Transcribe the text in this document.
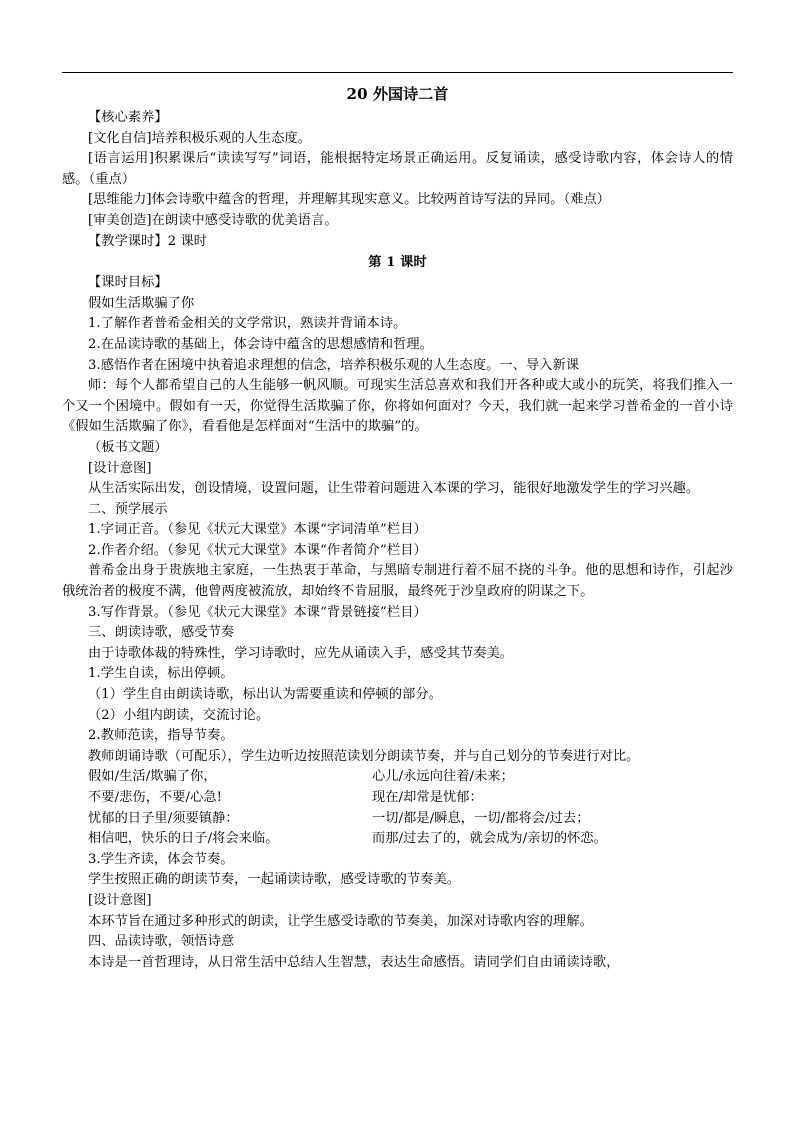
20 外国诗二首
【核心素养】
[文化自信]培养积极乐观的人生态度。
[语言运用]积累课后“读读写写”词语，能根据特定场景正确运用。反复诵读，感受诗歌内容，体会诗人的情感。（重点）
[思维能力]体会诗歌中蕴含的哲理，并理解其现实意义。比较两首诗写法的异同。（难点）
[审美创造]在朗读中感受诗歌的优美语言。
【教学课时】2 课时
第 1 课时
【课时目标】
假如生活欺骗了你
1.了解作者普希金相关的文学常识，熟读并背诵本诗。
2.在品读诗歌的基础上，体会诗中蕴含的思想感情和哲理。
3.感悟作者在困境中执着追求理想的信念，培养积极乐观的人生态度。一、导入新课
师：每个人都希望自己的人生能够一帆风顺。可现实生活总喜欢和我们开各种或大或小的玩笑，将我们推入一个又一个困境中。假如有一天，你觉得生活欺骗了你，你将如何面对？今天，我们就一起来学习普希金的一首小诗《假如生活欺骗了你》，看看他是怎样面对“生活中的欺骗”的。
（板书文题）
[设计意图]
从生活实际出发，创设情境，设置问题，让生带着问题进入本课的学习，能很好地激发学生的学习兴趣。
二、预学展示
1.字词正音。（参见《状元大课堂》本课“字词清单”栏目）
2.作者介绍。（参见《状元大课堂》本课“作者简介”栏目）
普希金出身于贵族地主家庭，一生热衷于革命，与黑暗专制进行着不屈不挠的斗争。他的思想和诗作，引起沙俄统治者的极度不满，他曾两度被流放，却始终不肯屈服，最终死于沙皇政府的阴谋之下。
3.写作背景。（参见《状元大课堂》本课“背景链接”栏目）
三、朗读诗歌，感受节奏
由于诗歌体裁的特殊性，学习诗歌时，应先从诵读入手，感受其节奏美。
1.学生自读，标出停顿。
（1）学生自由朗读诗歌，标出认为需要重读和停顿的部分。
（2）小组内朗读，交流讨论。
2.教师范读，指导节奏。
教师朗诵诗歌（可配乐），学生边听边按照范读划分朗读节奏，并与自己划分的节奏进行对比。
假如/生活/欺骗了你，	心儿/永远向往着/未来；
不要/悲伤，不要/心急!	现在/却常是忧郁：
忧郁的日子里/须要镇静：	一切/都是/瞬息，一切/都将会/过去；
相信吧，快乐的日子/将会来临。	而那/过去了的，就会成为/亲切的怀恋。
3.学生齐读，体会节奏。
学生按照正确的朗读节奏，一起诵读诗歌，感受诗歌的节奏美。
[设计意图]
本环节旨在通过多种形式的朗读，让学生感受诗歌的节奏美，加深对诗歌内容的理解。
四、品读诗歌，领悟诗意
本诗是一首哲理诗，从日常生活中总结人生智慧，表达生命感悟。请同学们自由诵读诗歌，
